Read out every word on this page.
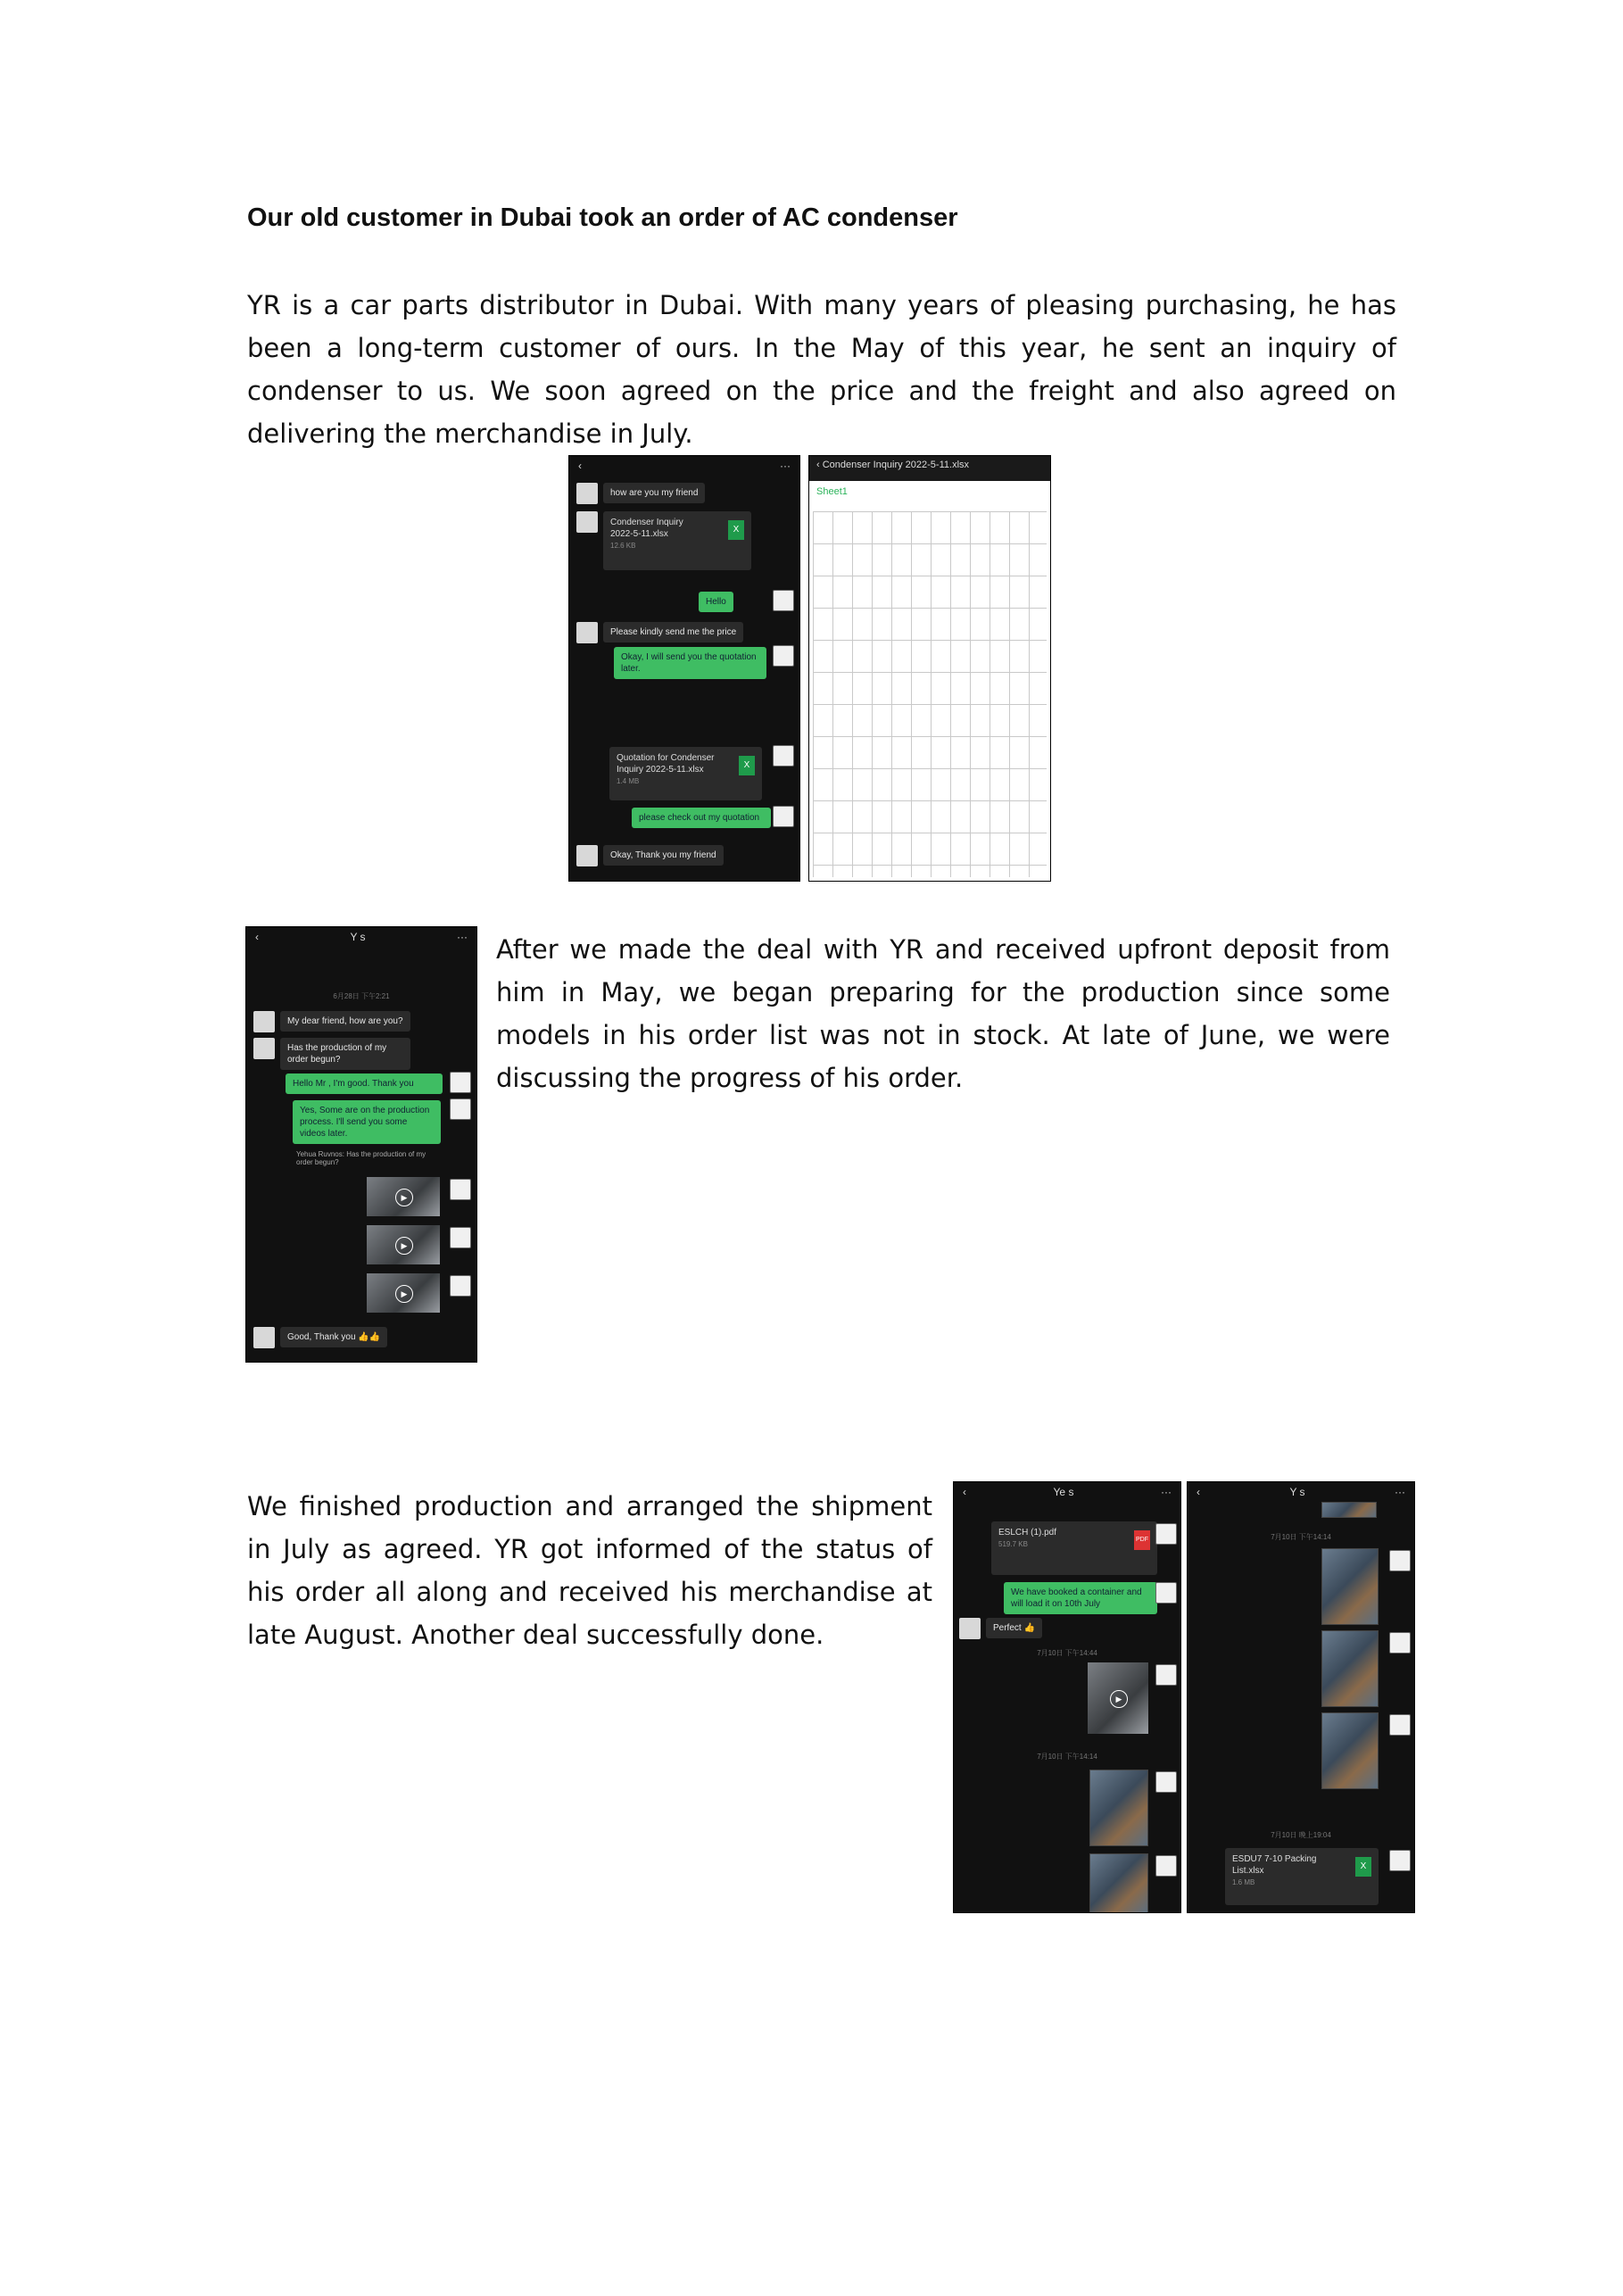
Our old customer in Dubai took an order of AC condenser
YR is a car parts distributor in Dubai. With many years of pleasing purchasing, he has been a long-term customer of ours. In the May of this year, he sent an inquiry of condenser to us. We soon agreed on the price and the freight and also agreed on delivering the merchandise in July.
‹	···
how are you my friend
Condenser Inquiry 2022-5-11.xlsx
12.6 KB
X
Hello
Please kindly send me the price
Okay, I will send you the quotation later.
Quotation for Condenser Inquiry 2022-5-11.xlsx
1.4 MB
X
please check out my quotation
Okay, Thank you my friend
‹ Condenser Inquiry 2022-5-11.xlsx
Sheet1
‹	Y s	···
6月28日 下午2:21
My dear friend, how are you?
Has the production of my order begun?
Hello Mr , I'm good. Thank you
Yes, Some are on the production process. I'll send you some videos later.
Yehua Ruvnos: Has the production of my order begun?
▶
▶
▶
Good, Thank you 👍👍
After we made the deal with YR and received upfront deposit from him in May, we began preparing for the production since some models in his order list was not in stock. At late of June, we were discussing the progress of his order.
We finished production and arranged the shipment in July as agreed. YR got informed of the status of his order all along and received his merchandise at late August. Another deal successfully done.
‹	Ye s	···
ESLCH (1).pdf
519.7 KB
PDF
We have booked a container and will load it on 10th July
Perfect 👍
7月10日 下午14:44
▶
7月10日 下午14:14
‹	Y s	···
7月10日 下午14:14
7月10日 晚上19:04
ESDU7 7-10 Packing List.xlsx
1.6 MB
X
